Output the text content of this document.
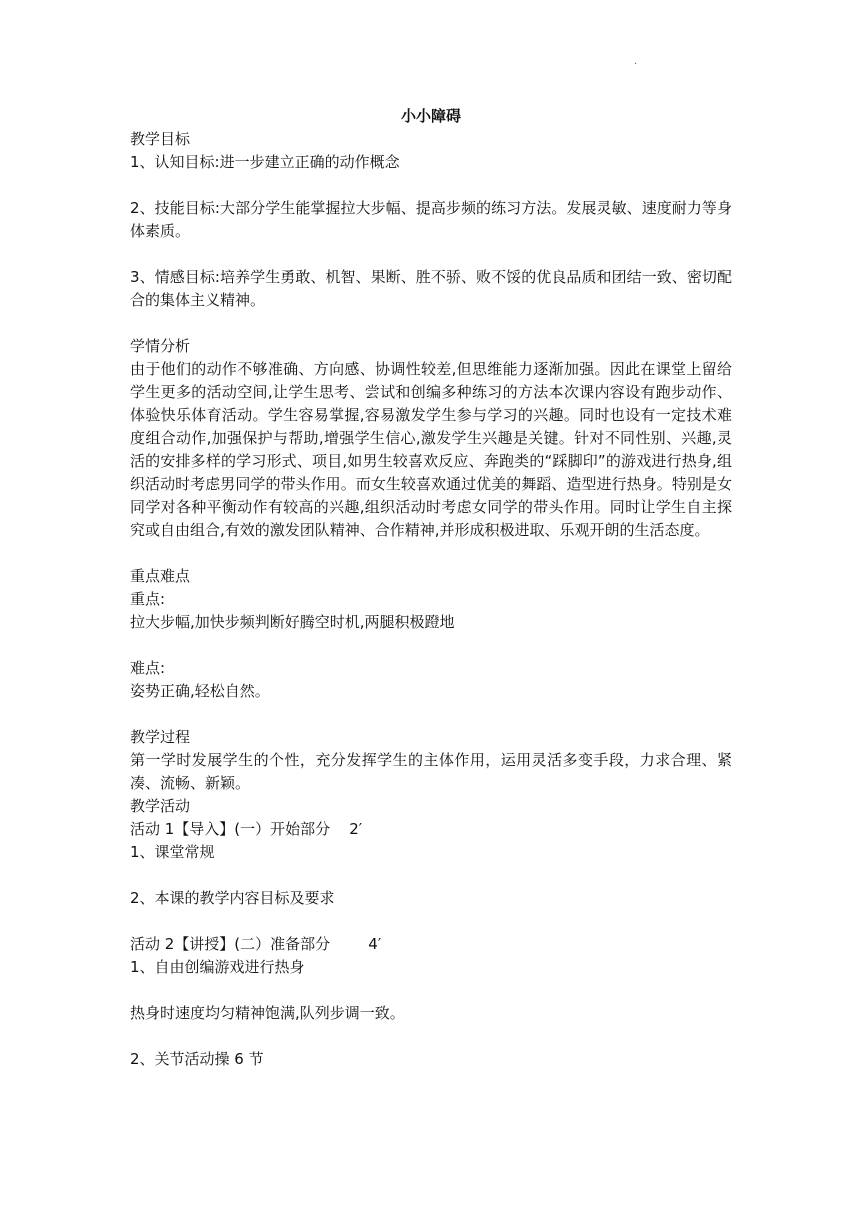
.
小小障碍

教学目标

1、认知目标:进一步建立正确的动作概念

2、技能目标:大部分学生能掌握拉大步幅、提高步频的练习方法。发展灵敏、速度耐力等身体素质。

3、情感目标:培养学生勇敢、机智、果断、胜不骄、败不馁的优良品质和团结一致、密切配合的集体主义精神。

学情分析

由于他们的动作不够准确、方向感、协调性较差,但思维能力逐渐加强。因此在课堂上留给学生更多的活动空间,让学生思考、尝试和创编多种练习的方法本次课内容设有跑步动作、体验快乐体育活动。学生容易掌握,容易激发学生参与学习的兴趣。同时也设有一定技术难度组合动作,加强保护与帮助,增强学生信心,激发学生兴趣是关键。针对不同性别、兴趣,灵活的安排多样的学习形式、项目,如男生较喜欢反应、奔跑类的“踩脚印”的游戏进行热身,组织活动时考虑男同学的带头作用。而女生较喜欢通过优美的舞蹈、造型进行热身。特别是女同学对各种平衡动作有较高的兴趣,组织活动时考虑女同学的带头作用。同时让学生自主探究或自由组合,有效的激发团队精神、合作精神,并形成积极进取、乐观开朗的生活态度。

重点难点

重点:

拉大步幅,加快步频判断好腾空时机,两腿积极蹬地

难点:

姿势正确,轻松自然。

教学过程

第一学时发展学生的个性，充分发挥学生的主体作用，运用灵活多变手段，力求合理、紧凑、流畅、新颖。

教学活动

活动 1【导入】(一）开始部分    2′

1、课堂常规

2、本课的教学内容目标及要求

活动 2【讲授】(二）准备部分        4′

1、自由创编游戏进行热身

热身时速度均匀精神饱满,队列步调一致。

2、关节活动操 6 节
